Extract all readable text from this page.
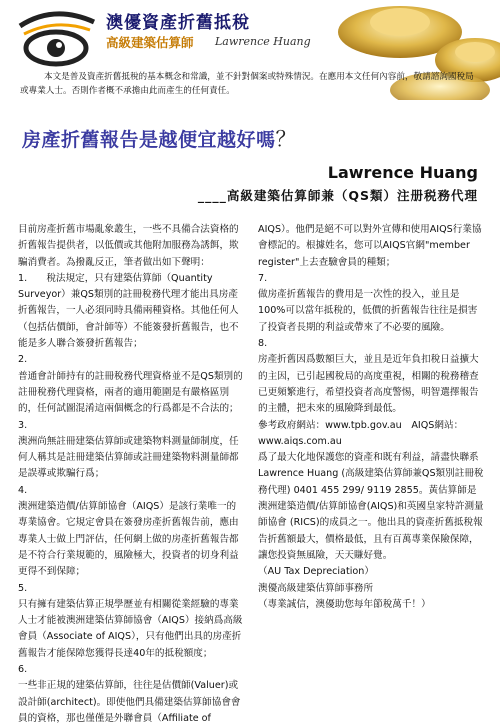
澳優資產折舊抵稅
高級建築估算師 Lawrence Huang
本文是普及資產折舊抵稅的基本概念和常識，並不針對個案或特殊情況。在應用本文任何內容前，敬請諮詢國稅局或專業人士。否則作者概不承擔由此而產生的任何責任。
房產折舊報告是越便宜越好嗎？
Lawrence Huang
____高級建築估算師兼（QS類）注册税務代理

目前房產折舊市場亂象叢生，一些不具備合法資格的折舊報告提供者，以低價或其他附加服務為誘餌，欺騙消費者。為撥亂反正，筆者做出如下聲明：

1.　　稅法規定，只有建築估算師（Quantity Surveyor）兼QS類別的註冊稅務代理才能出具房產折舊報告，一人必須同時具備兩種資格。其他任何人（包括估價師，會計師等）不能簽發折舊報告，也不能是多人聯合簽發折舊報告；

2.

普通會計師持有的註冊稅務代理資格並不是QS類別的註冊稅務代理資格，兩者的適用範圍是有嚴格區別的，任何試圖混淆這兩個概念的行爲都是不合法的；

3.

澳洲尚無註冊建築估算師或建築物料測量師制度，任何人稱其是註冊建築估算師或註冊建築物料測量師都是誤導或欺騙行爲；

4.

澳洲建築造價/估算師協會（AIQS）是該行業唯一的專業協會。它規定會員在簽發房產折舊報告前，應由專業人士做上門評估，任何網上做的房產折舊報告都是不符合行業規範的，風險極大，投資者的切身利益更得不到保障；

5.

只有擁有建築估算正規學歷並有相關從業經驗的專業人士才能被澳洲建築估算師協會（AIQS）接納爲高級會員（Associate of AIQS），只有他們出具的房產折舊報告才能保障您獲得長達40年的抵稅額度；

6.

一些非正規的建築估算師，往往是估價師(Valuer)或設計師(architect)。即使他們具備建築估算師協會會員的資格，那也僅僅是外聯會員（Affiliate of

AIQS）。他們是絕不可以對外宣傳和使用AIQS行業協會標記的。根據姓名，您可以AIQS官網"member register"上去查驗會員的種類；

7.

做房產折舊報告的費用是一次性的投入，並且是100%可以當年抵稅的，低價的折舊報告往往是損害了投資者長期的利益或帶來了不必要的風險。

8.

房產折舊因爲數額巨大，並且是近年負扣稅日益擴大的主因，已引起國稅局的高度重視，相關的稅務稽查已更頻繁進行，希望投資者高度警惕，明智選擇報告的主體，把未來的風險降到最低。

參考政府網站：www.tpb.gov.au　AIQS網站：　www.aiqs.com.au

爲了最大化地保護您的資產和既有利益，請盡快聯系Lawrence Huang (高級建築估算師兼QS類別註冊稅務代理) 0401 455 299/ 9119 2855。黃估算師是澳洲建築造價/估算師協會(AIQS)和英國皇家特許測量師協會 (RICS)的成員之一。他出具的資產折舊抵稅報告折舊額最大，價格最低，且有百萬專業保險保障，讓您投資無風險，天天賺好覺。

（AU Tax Depreciation）

澳優高級建築估算師事務所

（專業誠信，澳優助您每年節稅萬千！）
